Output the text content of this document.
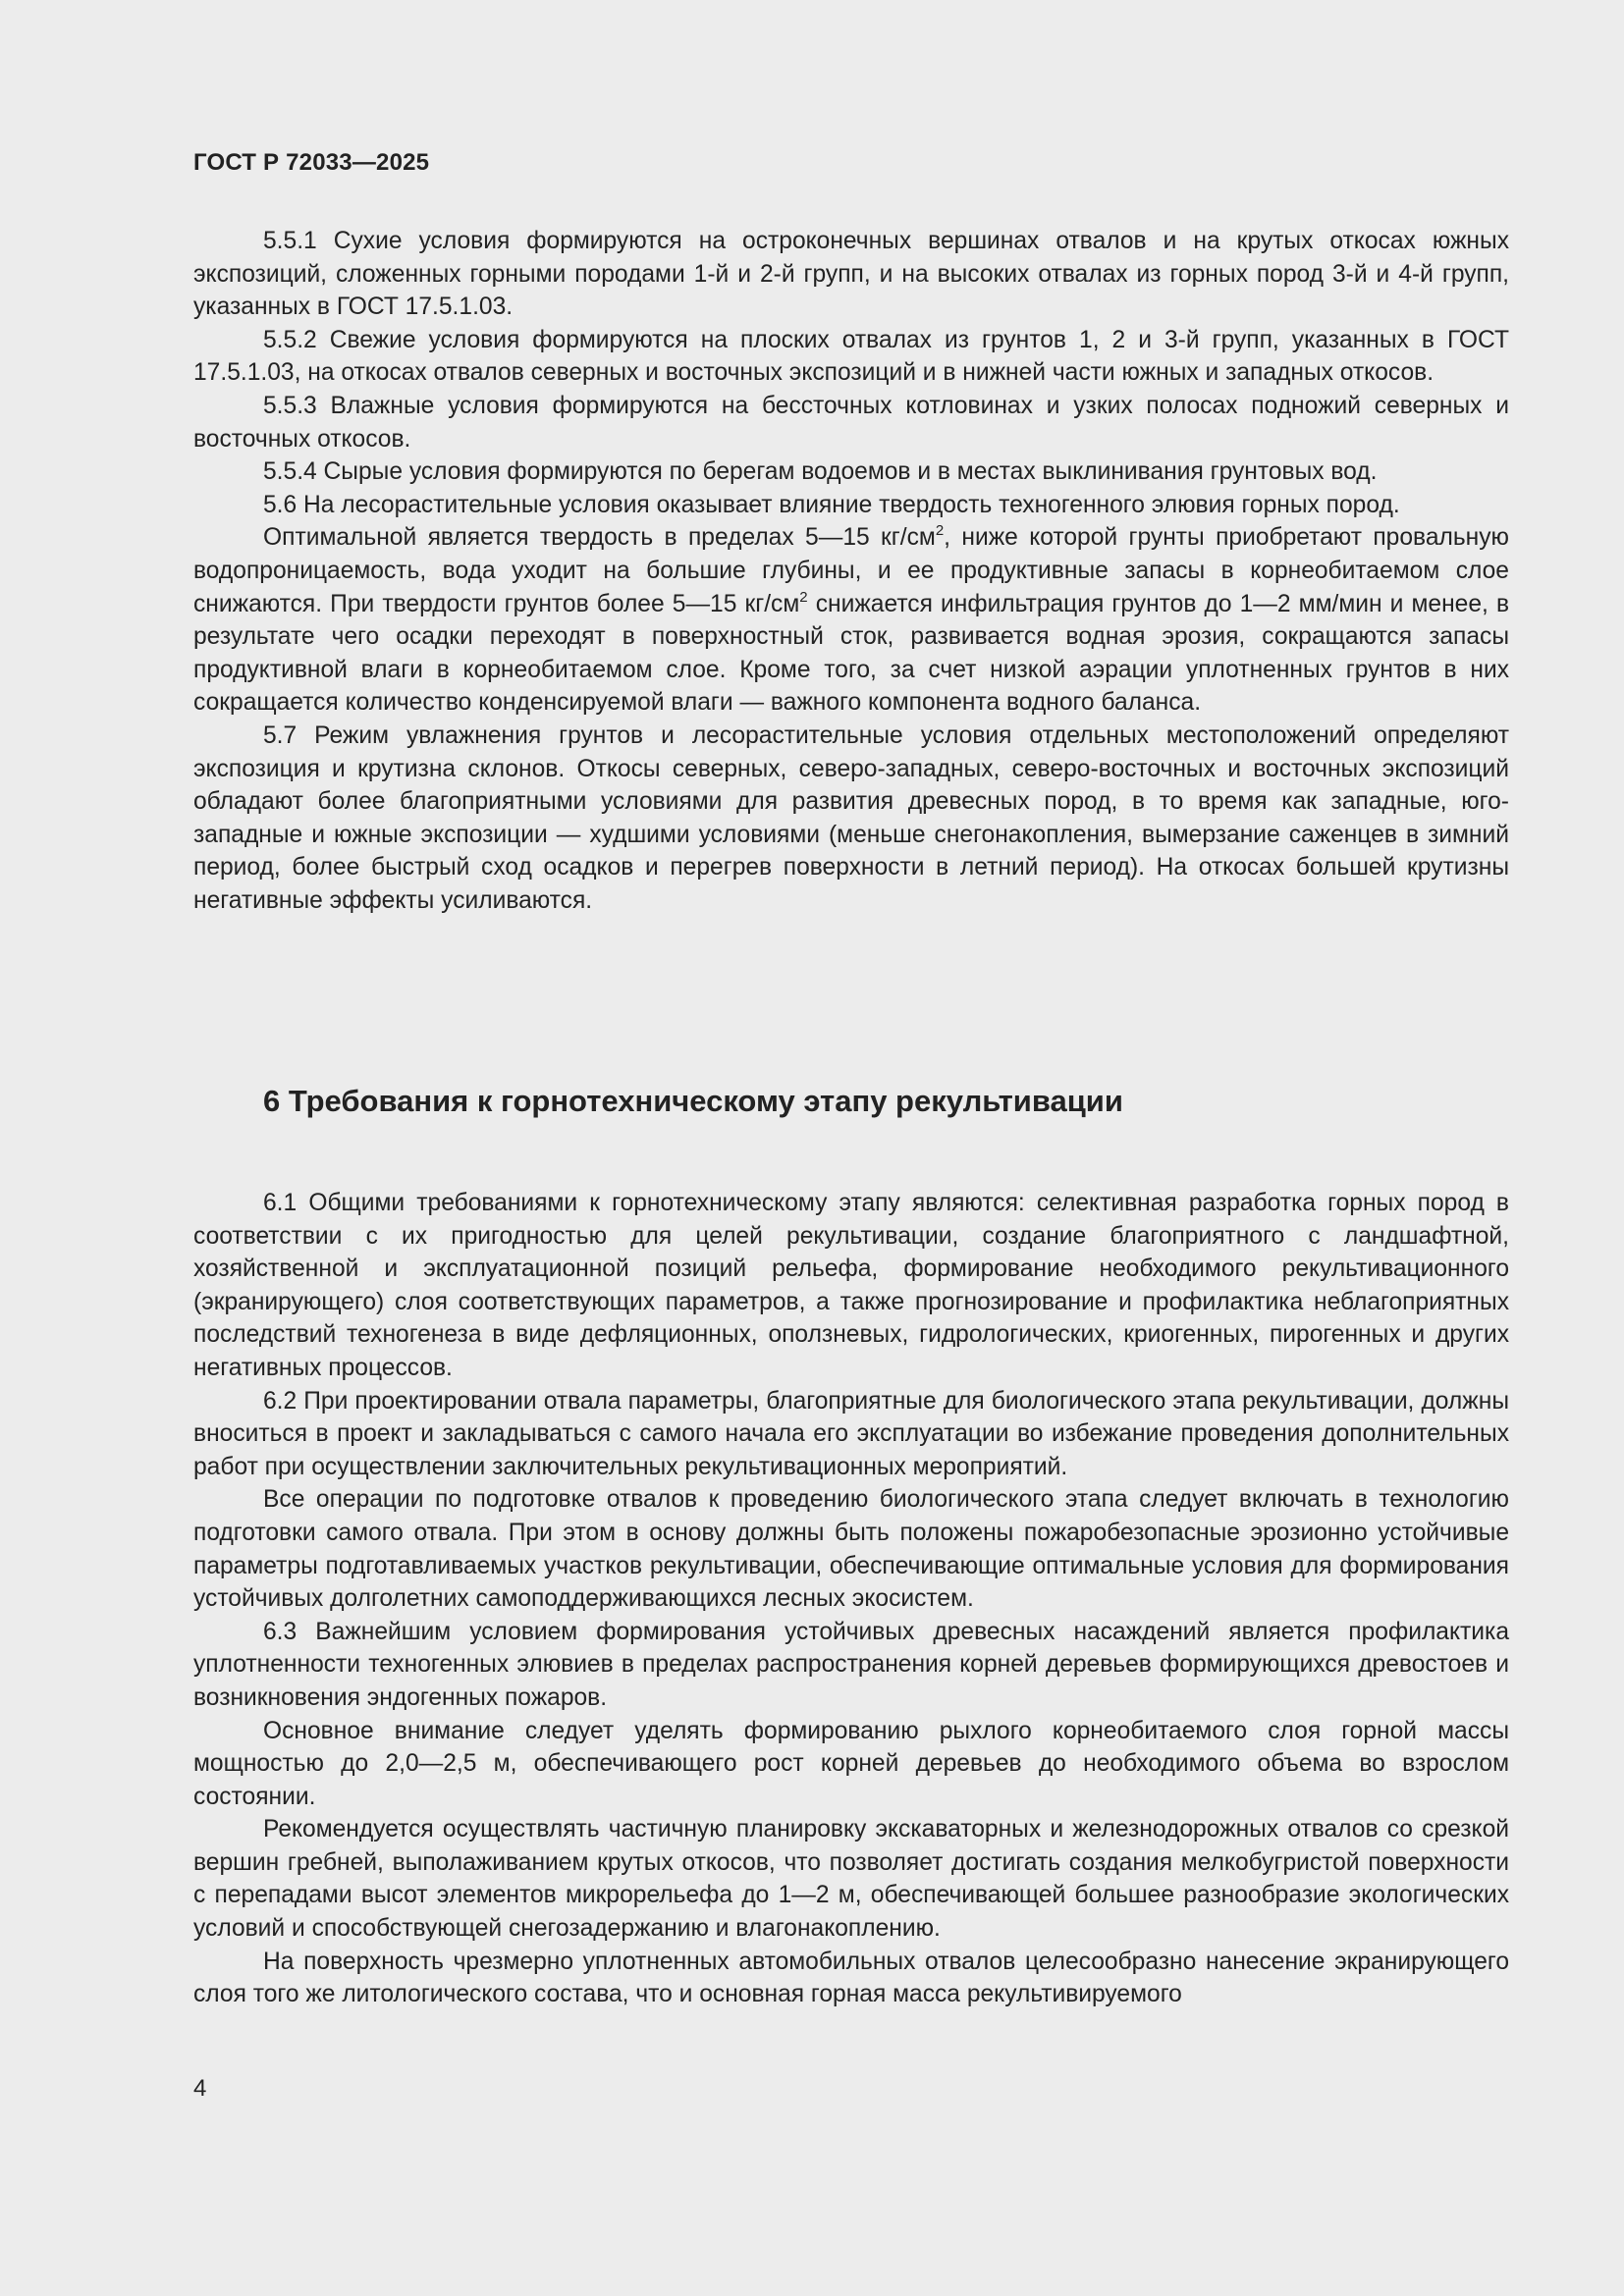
ГОСТ Р 72033—2025

5.5.1 Сухие условия формируются на остроконечных вершинах отвалов и на крутых откосах южных экспозиций, сложенных горными породами 1-й и 2-й групп, и на высоких отвалах из горных пород 3-й и 4-й групп, указанных в ГОСТ 17.5.1.03.

5.5.2 Свежие условия формируются на плоских отвалах из грунтов 1, 2 и 3-й групп, указанных в ГОСТ 17.5.1.03, на откосах отвалов северных и восточных экспозиций и в нижней части южных и западных откосов.

5.5.3 Влажные условия формируются на бессточных котловинах и узких полосах подножий северных и восточных откосов.

5.5.4 Сырые условия формируются по берегам водоемов и в местах выклинивания грунтовых вод.

5.6 На лесорастительные условия оказывает влияние твердость техногенного элювия горных пород.

Оптимальной является твердость в пределах 5—15 $кг/см^2$, ниже которой грунты приобретают провальную водопроницаемость, вода уходит на большие глубины, и ее продуктивные запасы в корнеобитаемом слое снижаются. При твердости грунтов более 5—15 $кг/см^2$ снижается инфильтрация грунтов до 1—2 мм/мин и менее, в результате чего осадки переходят в поверхностный сток, развивается водная эрозия, сокращаются запасы продуктивной влаги в корнеобитаемом слое. Кроме того, за счет низкой аэрации уплотненных грунтов в них сокращается количество конденсируемой влаги — важного компонента водного баланса.

5.7 Режим увлажнения грунтов и лесорастительные условия отдельных местоположений определяют экспозиция и крутизна склонов. Откосы северных, северо-западных, северо-восточных и восточных экспозиций обладают более благоприятными условиями для развития древесных пород, в то время как западные, юго-западные и южные экспозиции — худшими условиями (меньше снегонакопления, вымерзание саженцев в зимний период, более быстрый сход осадков и перегрев поверхности в летний период). На откосах большей крутизны негативные эффекты усиливаются.

6 Требования к горнотехническому этапу рекультивации

6.1 Общими требованиями к горнотехническому этапу являются: селективная разработка горных пород в соответствии с их пригодностью для целей рекультивации, создание благоприятного с ландшафтной, хозяйственной и эксплуатационной позиций рельефа, формирование необходимого рекультивационного (экранирующего) слоя соответствующих параметров, а также прогнозирование и профилактика неблагоприятных последствий техногенеза в виде дефляционных, оползневых, гидрологических, криогенных, пирогенных и других негативных процессов.

6.2 При проектировании отвала параметры, благоприятные для биологического этапа рекультивации, должны вноситься в проект и закладываться с самого начала его эксплуатации во избежание проведения дополнительных работ при осуществлении заключительных рекультивационных мероприятий.

Все операции по подготовке отвалов к проведению биологического этапа следует включать в технологию подготовки самого отвала. При этом в основу должны быть положены пожаробезопасные эрозионно устойчивые параметры подготавливаемых участков рекультивации, обеспечивающие оптимальные условия для формирования устойчивых долголетних самоподдерживающихся лесных экосистем.

6.3 Важнейшим условием формирования устойчивых древесных насаждений является профилактика уплотненности техногенных элювиев в пределах распространения корней деревьев формирующихся древостоев и возникновения эндогенных пожаров.

Основное внимание следует уделять формированию рыхлого корнеобитаемого слоя горной массы мощностью до 2,0—2,5 м, обеспечивающего рост корней деревьев до необходимого объема во взрослом состоянии.

Рекомендуется осуществлять частичную планировку экскаваторных и железнодорожных отвалов со срезкой вершин гребней, выполаживанием крутых откосов, что позволяет достигать создания мелкобугристой поверхности с перепадами высот элементов микрорельефа до 1—2 м, обеспечивающей большее разнообразие экологических условий и способствующей снегозадержанию и влагонакоплению.

На поверхность чрезмерно уплотненных автомобильных отвалов целесообразно нанесение экранирующего слоя того же литологического состава, что и основная горная масса рекультивируемого

4
